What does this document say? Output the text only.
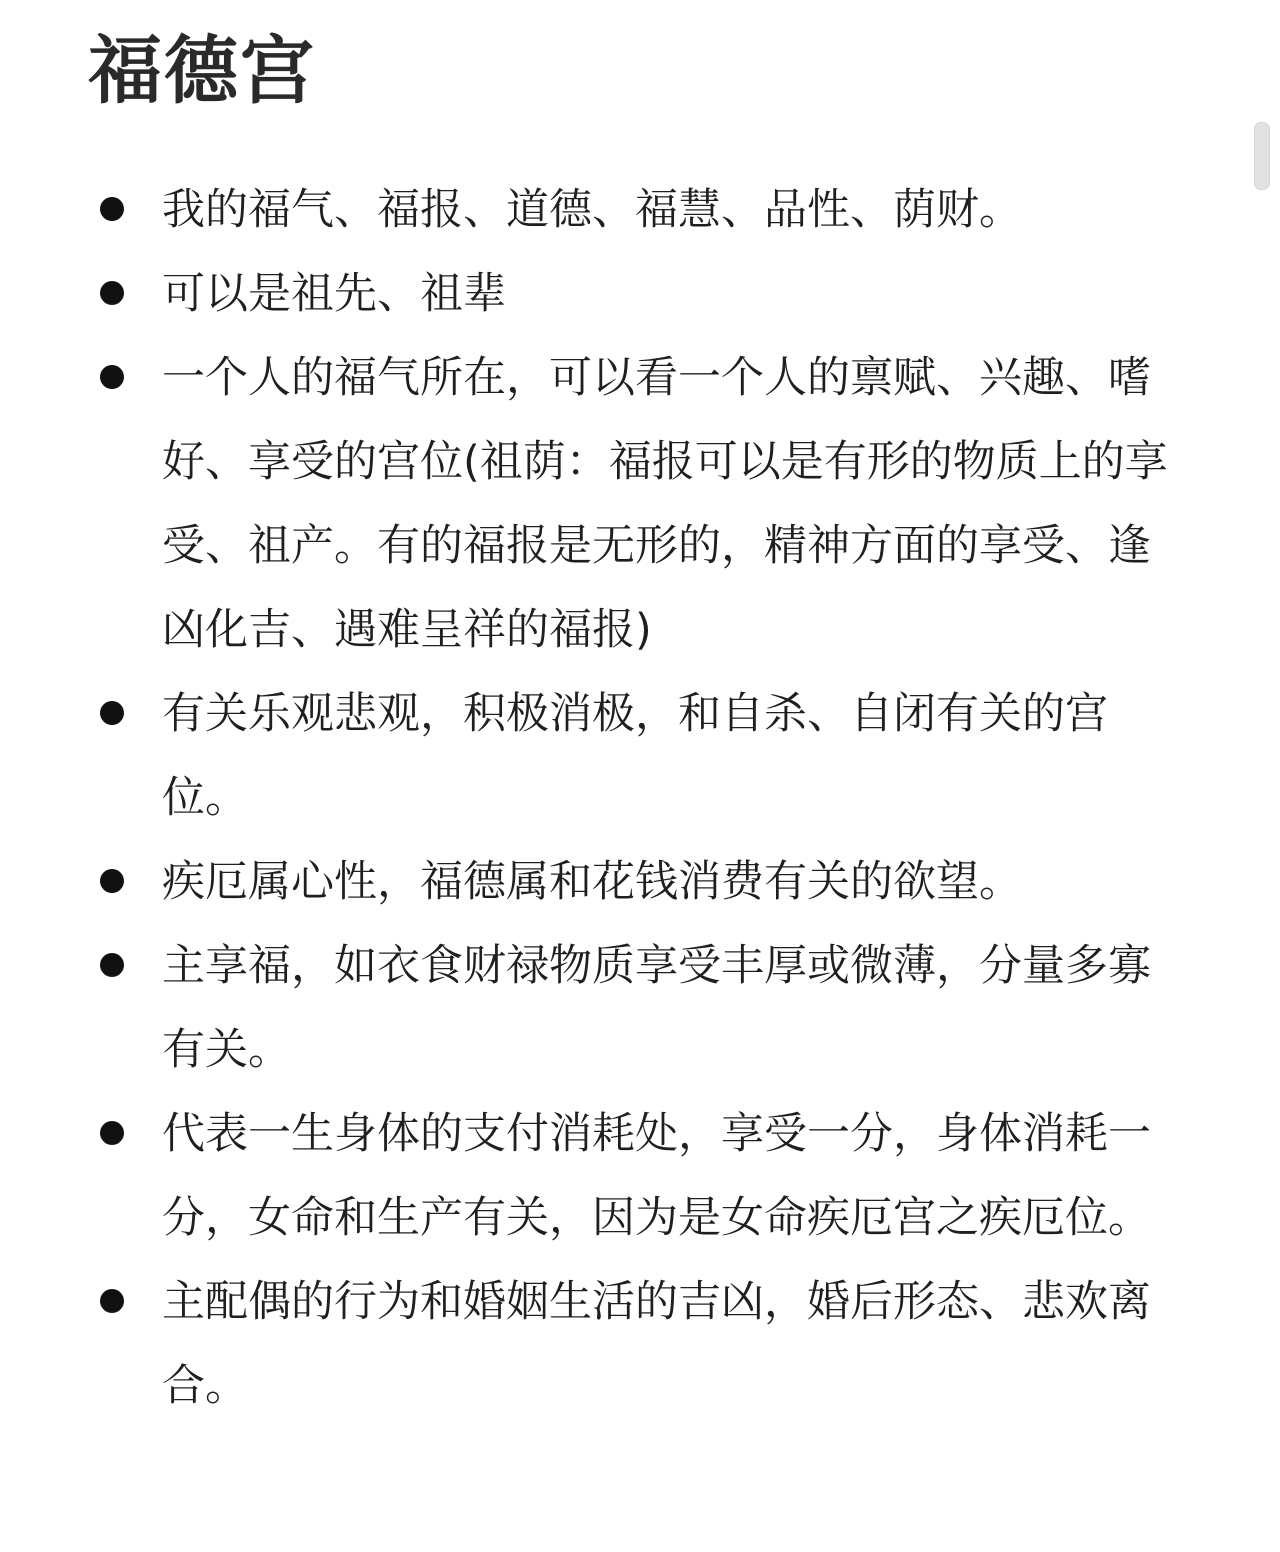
福德宫
我的福气、福报、道德、福慧、品性、荫财。
可以是祖先、祖辈
一个人的福气所在，可以看一个人的禀赋、兴趣、嗜好、享受的宫位(祖荫：福报可以是有形的物质上的享受、祖产。有的福报是无形的，精神方面的享受、逢凶化吉、遇难呈祥的福报)
有关乐观悲观，积极消极，和自杀、自闭有关的宫位。
疾厄属心性，福德属和花钱消费有关的欲望。
主享福，如衣食财禄物质享受丰厚或微薄，分量多寡有关。
代表一生身体的支付消耗处，享受一分，身体消耗一分，女命和生产有关，因为是女命疾厄宫之疾厄位。
主配偶的行为和婚姻生活的吉凶，婚后形态、悲欢离合。
